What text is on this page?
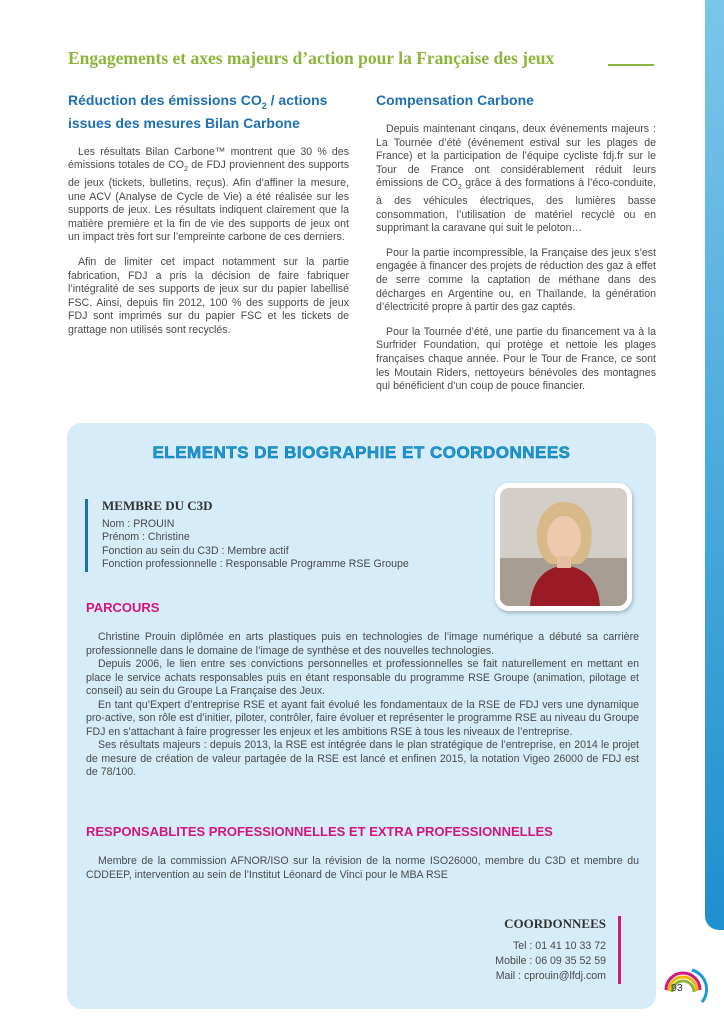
Engagements et axes majeurs d’action pour la Française des jeux
Réduction des émissions $CO_2$ / actions issues des mesures Bilan Carbone

Les résultats Bilan Carbone™ montrent que 30 % des émissions totales de $CO_2$ de FDJ proviennent des supports de jeux (tickets, bulletins, reçus). Afin d’affiner la mesure, une ACV (Analyse de Cycle de Vie) a été réalisée sur les supports de jeux. Les résultats indiquent clairement que la matière première et la fin de vie des supports de jeux ont un impact très fort sur l’empreinte carbone de ces derniers.

Afin de limiter cet impact notamment sur la partie fabrication, FDJ a pris la décision de faire fabriquer l’intégralité de ses supports de jeux sur du papier labellisé FSC. Ainsi, depuis fin 2012, 100 % des supports de jeux FDJ sont imprimés sur du papier FSC et les tickets de grattage non utilisés sont recyclés.

Compensation Carbone

Depuis maintenant cinqans, deux événements majeurs : La Tournée d’été (événement estival sur les plages de France) et la participation de l’équipe cycliste fdj.fr sur le Tour de France ont considérablement réduit leurs émissions de $CO_2$ grâce à des formations à l’éco-conduite, à des véhicules électriques, des lumières basse consommation, l’utilisation de matériel recyclé ou en supprimant la caravane qui suit le peloton…

Pour la partie incompressible, la Française des jeux s’est engagée à financer des projets de réduction des gaz à effet de serre comme la captation de méthane dans des décharges en Argentine ou, en Thaïlande, la génération d’électricité propre à partir des gaz captés.

Pour la Tournée d’été, une partie du financement va à la Surfrider Foundation, qui protège et nettoie les plages françaises chaque année. Pour le Tour de France, ce sont les Moutain Riders, nettoyeurs bénévoles des montagnes qui bénéficient d’un coup de pouce financier.

ELEMENTS DE BIOGRAPHIE ET COORDONNEES
MEMBRE DU C3D
Nom : PROUIN
Prénom : Christine
Fonction au sein du C3D : Membre actif
Fonction professionnelle : Responsable Programme RSE Groupe
PARCOURS

Christine Prouin diplômée en arts plastiques puis en technologies de l’image numérique a débuté sa carrière professionnelle dans le domaine de l’image de synthèse et des nouvelles technologies.

Depuis 2006, le lien entre ses convictions personnelles et professionnelles se fait naturellement en mettant en place le service achats responsables puis en étant responsable du programme RSE Groupe (animation, pilotage et conseil) au sein du Groupe La Française des Jeux.

En tant qu’Expert d’entreprise RSE et ayant fait évolué les fondamentaux de la RSE de FDJ vers une dynamique pro-active, son rôle est d’initier, piloter, contrôler, faire évoluer et représenter le programme RSE au niveau du Groupe FDJ en s’attachant à faire progresser les enjeux et les ambitions RSE à tous les niveaux de l’entreprise.

Ses résultats majeurs : depuis 2013, la RSE est intégrée dans le plan stratégique de l’entreprise, en 2014 le projet de mesure de création de valeur partagée de la RSE est lancé et enfinen 2015, la notation Vigeo 26000 de FDJ est de 78/100.

RESPONSABLITES PROFESSIONNELLES ET EXTRA PROFESSIONNELLES

Membre de la commission AFNOR/ISO sur la révision de la norme ISO26000, membre du C3D et membre du CDDEEP, intervention au sein de l’Institut Léonard de Vinci pour le MBA RSE

COORDONNEES
Tel : 01 41 10 33 72
Mobile : 06 09 35 52 59
Mail : cprouin@lfdj.com
93
